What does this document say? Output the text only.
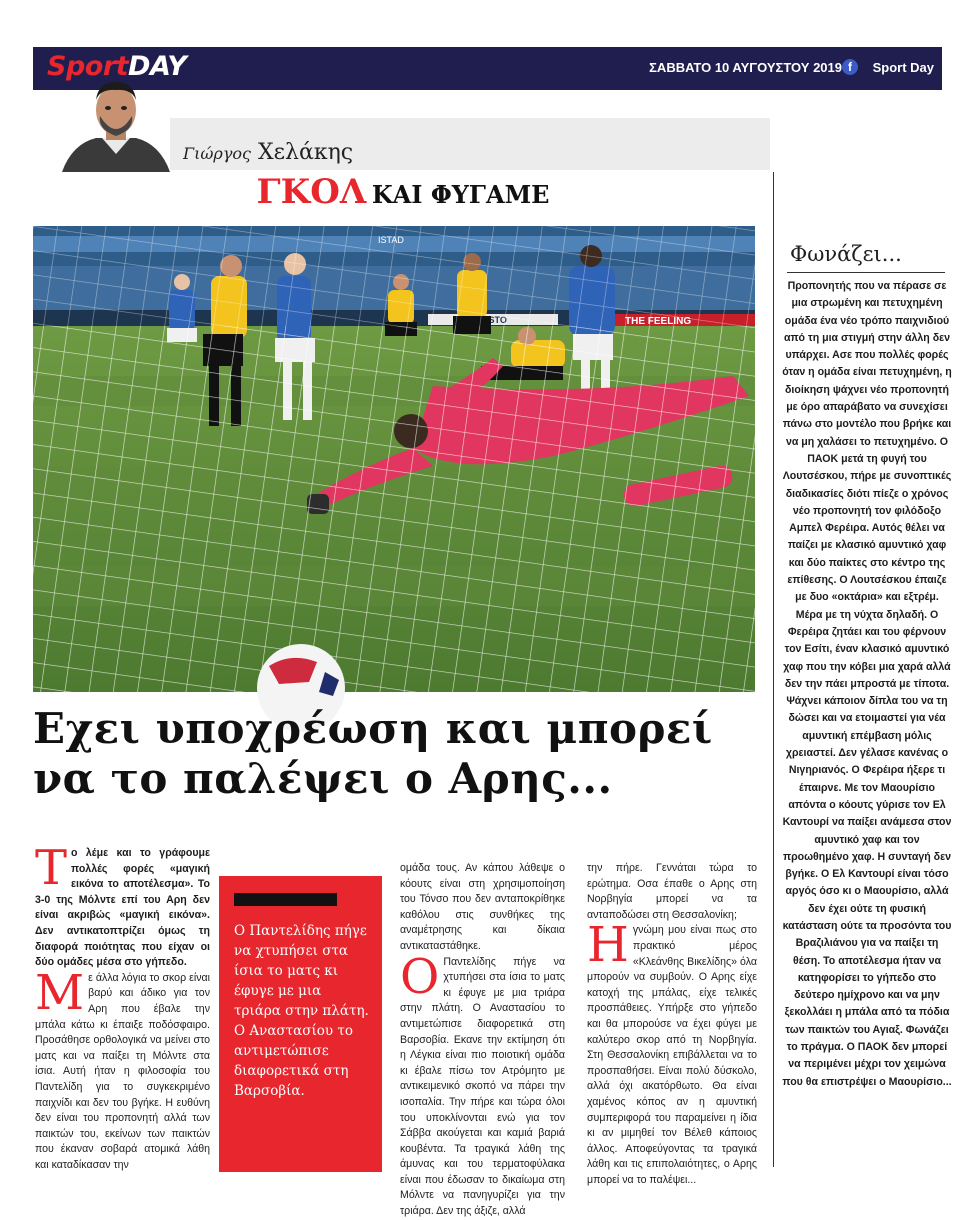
SportDAY	ΣΑΒΒΑΤΟ 10 ΑΥΓΟΥΣΤΟΥ 2019 f	Sport Day
Γιώργος Χελάκης
ΓΚΟΛ ΚΑΙ ΦΥΓΑΜΕ
Εχει υποχρέωση και μπορεί
να το παλέψει ο Αρης...

Τ ο λέμε και το γράφουμε πολλές φορές «μαγική εικόνα το αποτέλεσμα». Το 3-0 της Μόλντε επί του Αρη δεν είναι ακριβώς «μαγική εικόνα». Δεν αντικατοπτρίζει όμως τη διαφορά ποιότητας που είχαν οι δύο ομάδες μέσα στο γήπεδο.

Μ ε άλλα λόγια το σκορ είναι βαρύ και άδικο για τον Αρη που έβαλε την μπάλα κάτω κι έπαιξε ποδόσφαιρο. Προσάθησε ορθολογικά να μείνει στο ματς και να παίξει τη Μόλντε στα ίσια. Αυτή ήταν η φιλοσοφία του Παντελίδη για το συγκεκριμένο παιχνίδι και δεν του βγήκε. Η ευθύνη δεν είναι του προπονητή αλλά των παικτών του, εκείνων των παικτών που έκαναν σοβαρά ατομικά λάθη και καταδίκασαν την

Ο Παντελίδης πήγε να χτυπήσει στα ίσια το ματς κι έφυγε με μια τριάρα στην πλάτη. Ο Αναστασίου το αντιμετώπισε διαφορετικά στη Βαρσοβία.

ομάδα τους. Αν κάπου λάθεψε ο κόουτς είναι στη χρησιμοποίηση του Τόνσο που δεν ανταποκρίθηκε καθόλου στις συνθήκες της αναμέτρησης και δίκαια αντικαταστάθηκε.

Ο Παντελίδης πήγε να χτυπήσει στα ίσια το ματς κι έφυγε με μια τριάρα στην πλάτη. Ο Αναστασίου το αντιμετώπισε διαφορετικά στη Βαρσοβία. Εκανε την εκτίμηση ότι η Λέγκια είναι πιο ποιοτική ομάδα κι έβαλε πίσω τον Ατρόμητο με αντικειμενικό σκοπό να πάρει την ισοπαλία. Την πήρε και τώρα όλοι του υποκλίνονται ενώ για τον Σάββα ακούγεται και καμιά βαριά κουβέντα. Τα τραγικά λάθη της άμυνας και του τερματοφύλακα είναι που έδωσαν το δικαίωμα στη Μόλντε να πανηγυρίζει για την τριάρα. Δεν της άξιζε, αλλά

την πήρε. Γεννάται τώρα το ερώτημα. Οσα έπαθε ο Αρης στη Νορβηγία μπορεί να τα ανταποδώσει στη Θεσσαλονίκη;

Η γνώμη μου είναι πως στο πρακτικό μέρος «Κλεάνθης Βικελίδης» όλα μπορούν να συμβούν. Ο Αρης είχε κατοχή της μπάλας, είχε τελικές προσπάθειες. Υπήρξε στο γήπεδο και θα μπορούσε να έχει φύγει με καλύτερο σκορ από τη Νορβηγία. Στη Θεσσαλονίκη επιβάλλεται να το προσπαθήσει. Είναι πολύ δύσκολο, αλλά όχι ακατόρθωτο. Θα είναι χαμένος κόπος αν η αμυντική συμπεριφορά του παραμείνει η ίδια κι αν μιμηθεί τον Βέλεθ κάποιος άλλος. Αποφεύγοντας τα τραγικά λάθη και τις επιπολαιότητες, ο Αρης μπορεί να το παλέψει...

Φωνάζει...
Προπονητής που να πέρασε σε μια στρωμένη και πετυχημένη ομάδα ένα νέο τρόπο παιχνιδιού από τη μια στιγμή στην άλλη δεν υπάρχει. Ασε που πολλές φορές όταν η ομάδα είναι πετυχημένη, η διοίκηση ψάχνει νέο προπονητή με όρο απαράβατο να συνεχίσει πάνω στο μοντέλο που βρήκε και να μη χαλάσει το πετυχημένο. Ο ΠΑΟΚ μετά τη φυγή του Λουτσέσκου, πήρε με συνοπτικές διαδικασίες διότι πίεζε ο χρόνος νέο προπονητή τον φιλόδοξο Αμπελ Φερέιρα. Αυτός θέλει να παίζει με κλασικό αμυντικό χαφ και δύο παίκτες στο κέντρο της επίθεσης. Ο Λουτσέσκου έπαιζε με δυο «οκτάρια» και εξτρέμ. Μέρα με τη νύχτα δηλαδή. Ο Φερέιρα ζητάει και του φέρνουν τον Εσίτι, έναν κλασικό αμυντικό χαφ που την κόβει μια χαρά αλλά δεν την πάει μπροστά με τίποτα. Ψάχνει κάποιον δίπλα του να τη δώσει και να ετοιμαστεί για νέα αμυντική επέμβαση μόλις χρειαστεί. Δεν γέλασε κανένας ο Νιγηριανός. Ο Φερέιρα ήξερε τι έπαιρνε. Με τον Μαουρίσιο απόντα ο κόουτς γύρισε τον Ελ Καντουρί να παίξει ανάμεσα στον αμυντικό χαφ και τον προωθημένο χαφ. Η συνταγή δεν βγήκε. Ο Ελ Καντουρί είναι τόσο αργός όσο κι ο Μαουρίσιο, αλλά δεν έχει ούτε τη φυσική κατάσταση ούτε τα προσόντα του Βραζιλιάνου για να παίξει τη θέση. Το αποτέλεσμα ήταν να κατηφορίσει το γήπεδο στο δεύτερο ημίχρονο και να μην ξεκολλάει η μπάλα από τα πόδια των παικτών του Αγιαξ. Φωνάζει το πράγμα. Ο ΠΑΟΚ δεν μπορεί να περιμένει μέχρι τον χειμώνα που θα επιστρέψει ο Μαουρίσιο...
